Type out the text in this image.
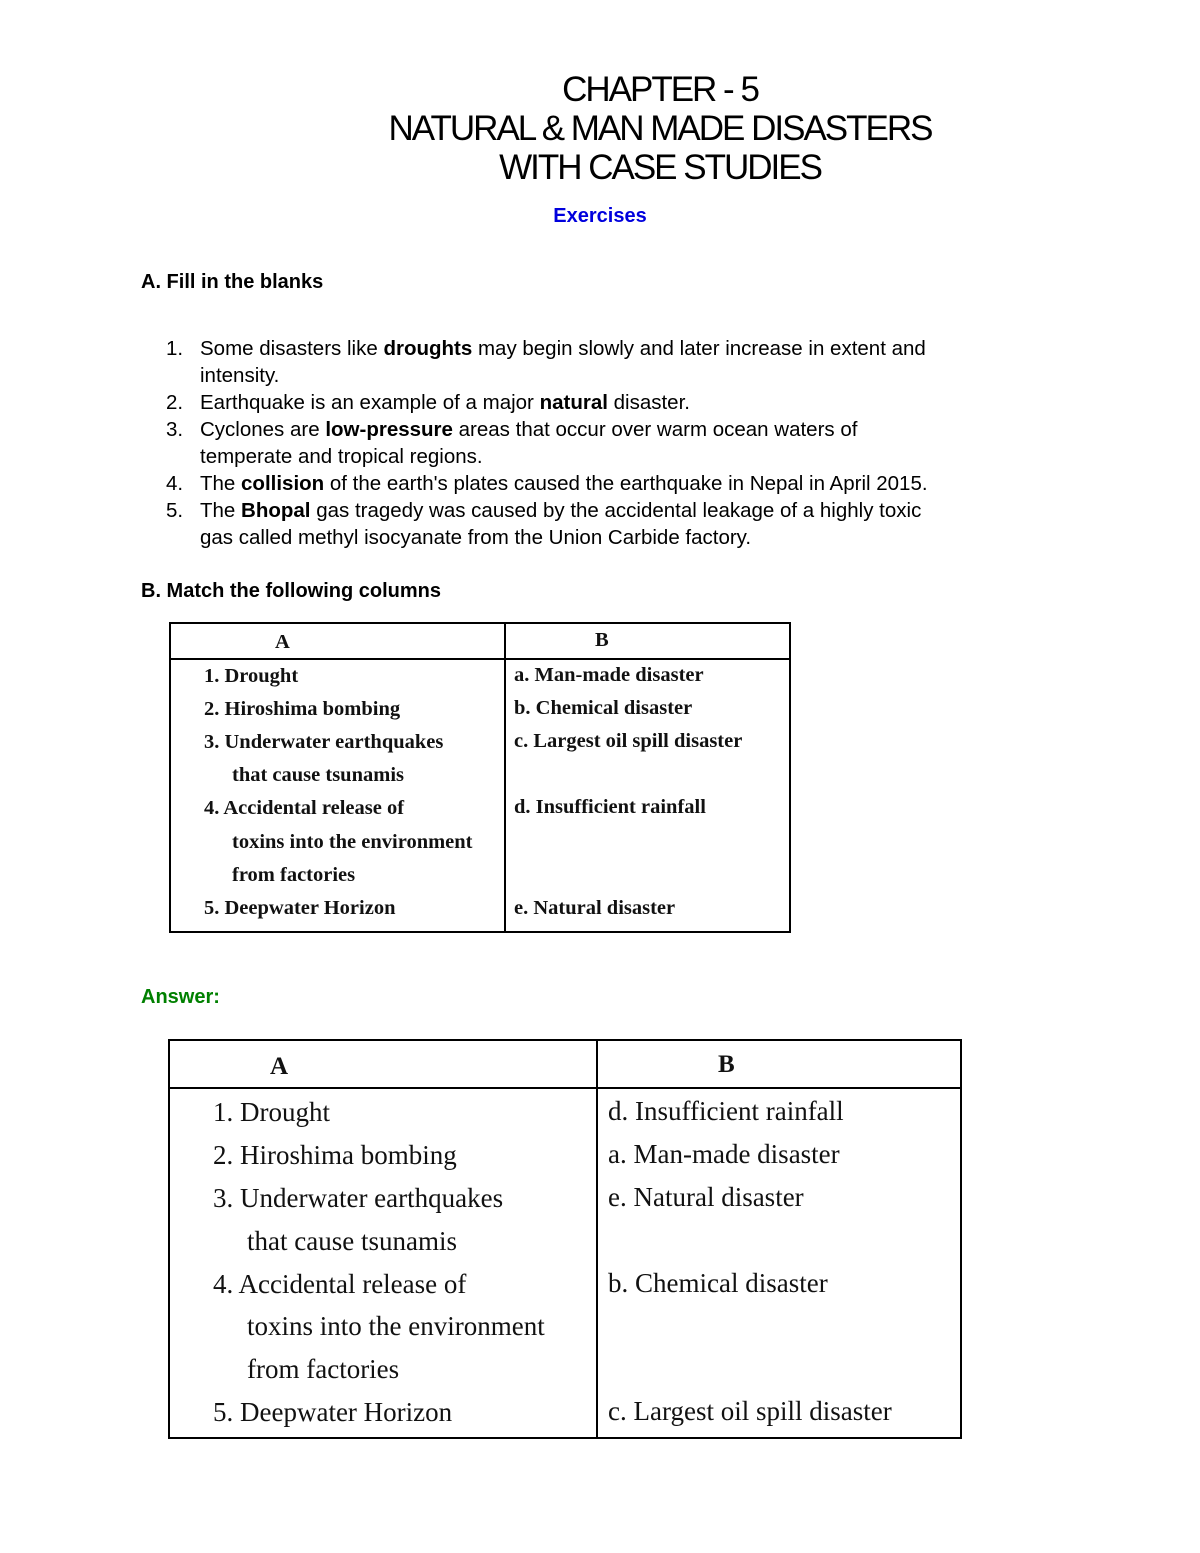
CHAPTER - 5
NATURAL & MAN MADE DISASTERS
WITH CASE STUDIES
Exercises
A. Fill in the blanks
1. Some disasters like droughts may begin slowly and later increase in extent and
intensity.
2. Earthquake is an example of a major natural disaster.
3. Cyclones are low-pressure areas that occur over warm ocean waters of
temperate and tropical regions.
4. The collision of the earth's plates caused the earthquake in Nepal in April 2015.
5. The Bhopal gas tragedy was caused by the accidental leakage of a highly toxic
gas called methyl isocyanate from the Union Carbide factory.
B. Match the following columns
A	B
1. Drought
2. Hiroshima bombing
3. Underwater earthquakes
that cause tsunamis
4. Accidental release of
toxins into the environment
from factories
5. Deepwater Horizon
a. Man-made disaster
b. Chemical disaster
c. Largest oil spill disaster
d. Insufficient rainfall
e. Natural disaster
Answer:
A	B
1. Drought
2. Hiroshima bombing
3. Underwater earthquakes
that cause tsunamis
4. Accidental release of
toxins into the environment
from factories
5. Deepwater Horizon
d. Insufficient rainfall
a. Man-made disaster
e. Natural disaster
b. Chemical disaster
c. Largest oil spill disaster
